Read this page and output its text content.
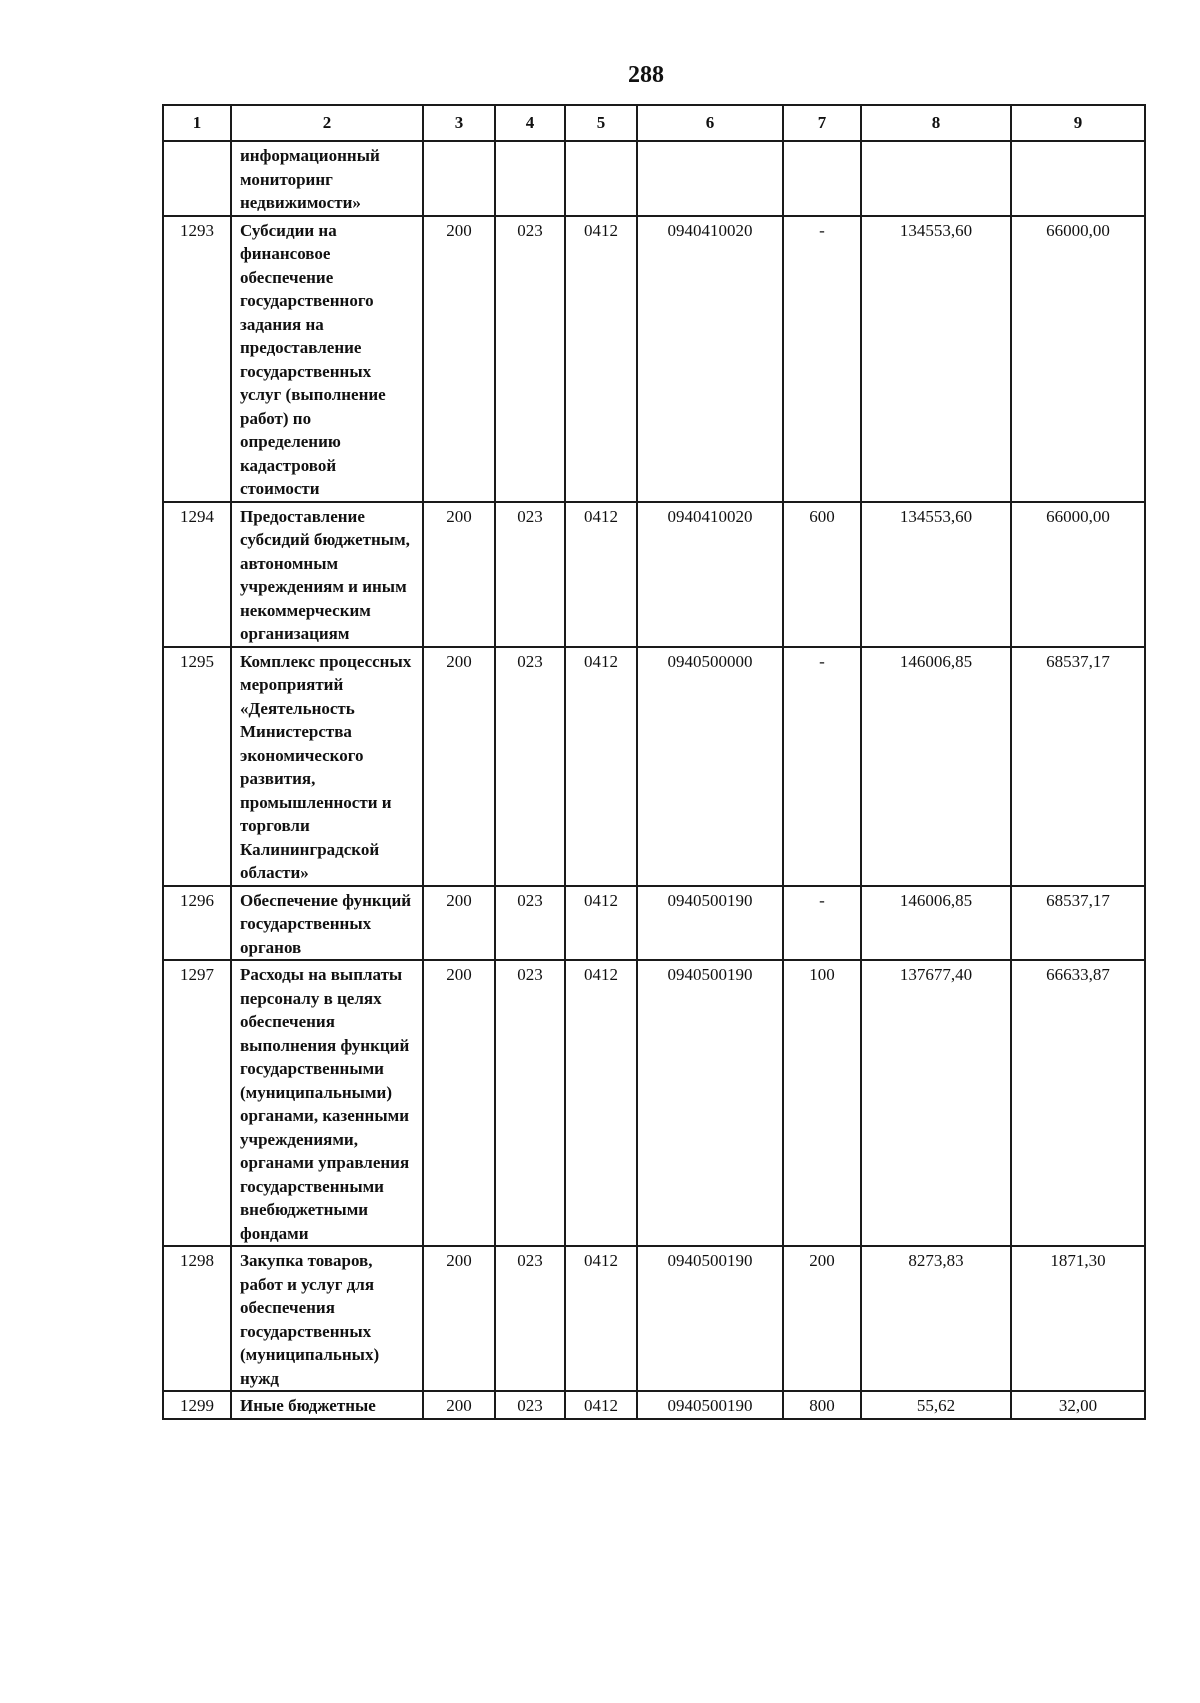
288
1	2	3	4	5	6	7	8	9
	информационный мониторинг недвижимости»							
1293	Субсидии на финансовое обеспечение государственного задания на предоставление государственных услуг (выполнение работ) по определению кадастровой стоимости	200	023	0412	0940410020	-	134553,60	66000,00
1294	Предоставление субсидий бюджетным, автономным учреждениям и иным некоммерческим организациям	200	023	0412	0940410020	600	134553,60	66000,00
1295	Комплекс процессных мероприятий «Деятельность Министерства экономического развития, промышленности и торговли Калининградской области»	200	023	0412	0940500000	-	146006,85	68537,17
1296	Обеспечение функций государственных органов	200	023	0412	0940500190	-	146006,85	68537,17
1297	Расходы на выплаты персоналу в целях обеспечения выполнения функций государственными (муниципальными) органами, казенными учреждениями, органами управления государственными внебюджетными фондами	200	023	0412	0940500190	100	137677,40	66633,87
1298	Закупка товаров, работ и услуг для обеспечения государственных (муниципальных) нужд	200	023	0412	0940500190	200	8273,83	1871,30
1299	Иные бюджетные	200	023	0412	0940500190	800	55,62	32,00
